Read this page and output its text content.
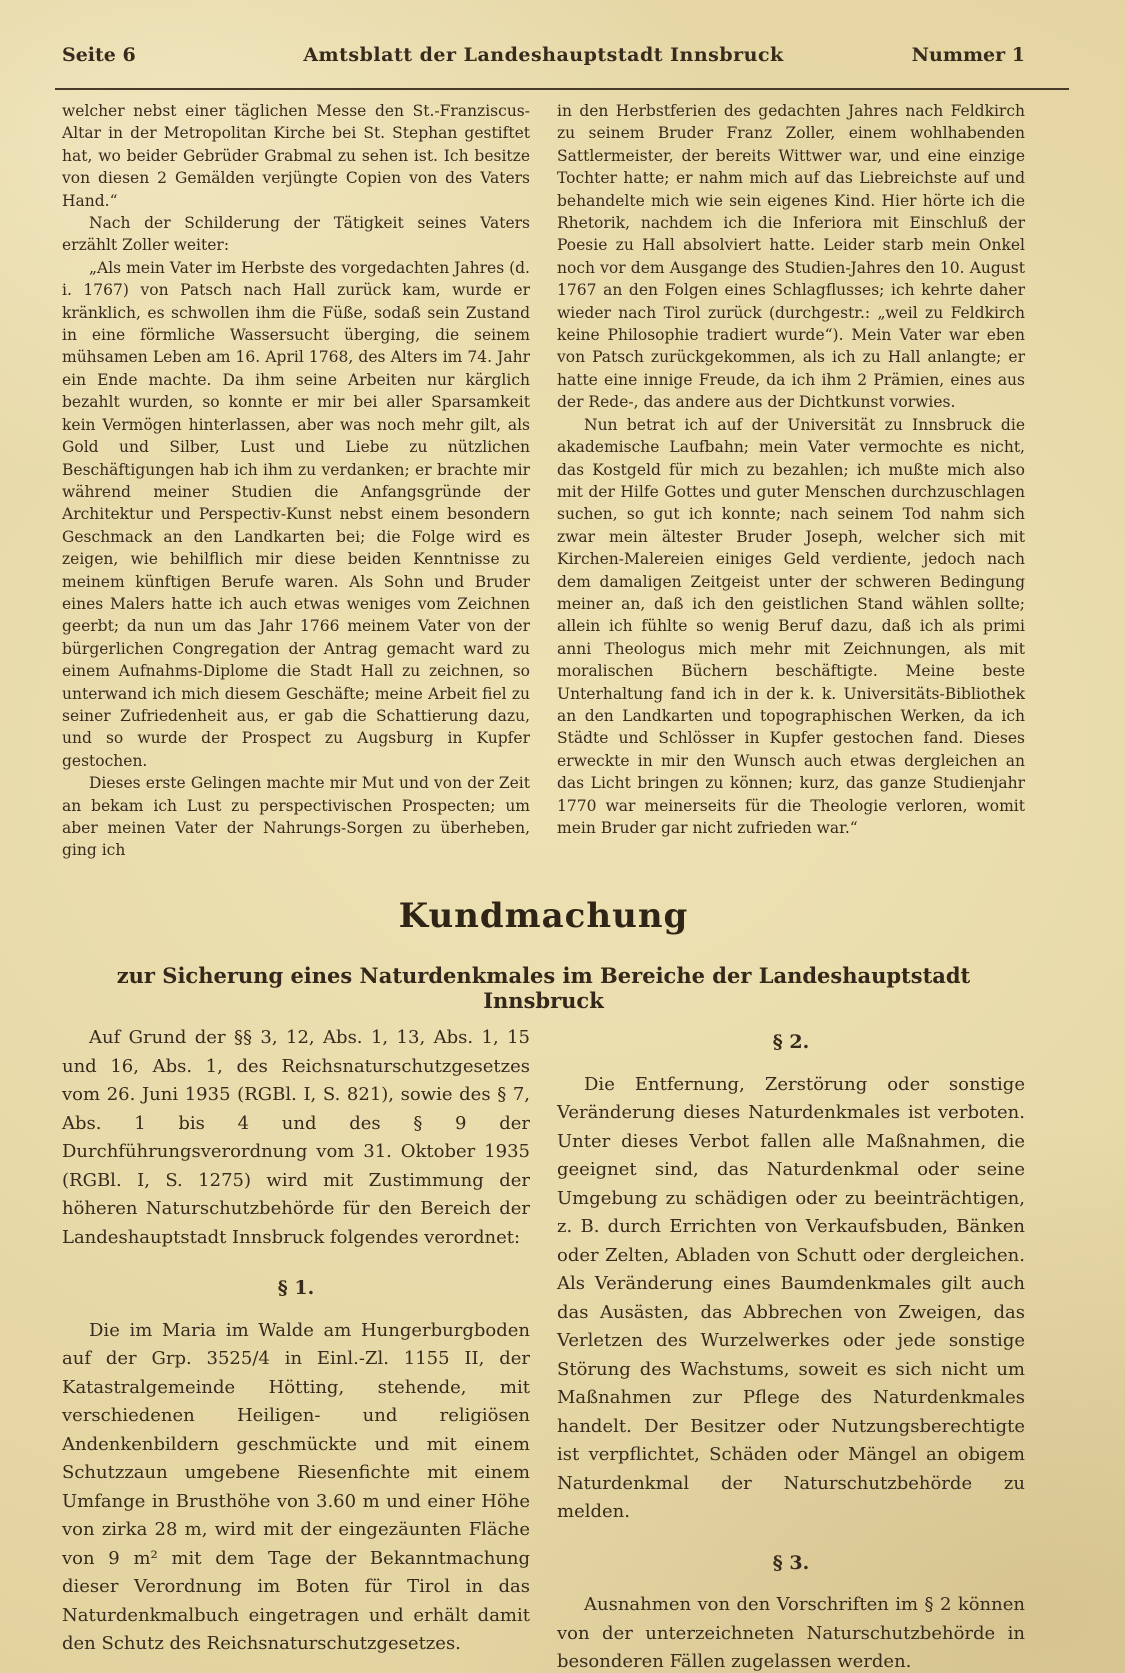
Seite 6	Amtsblatt der Landeshauptstadt Innsbruck	Nummer 1

welcher nebst einer täglichen Messe den St.-Franziscus-Altar in der Metropolitan Kirche bei St. Stephan gestiftet hat, wo beider Gebrüder Grabmal zu sehen ist. Ich besitze von diesen 2 Gemälden verjüngte Copien von des Vaters Hand.“

Nach der Schilderung der Tätigkeit seines Vaters erzählt Zoller weiter:

„Als mein Vater im Herbste des vorgedachten Jahres (d. i. 1767) von Patsch nach Hall zurück kam, wurde er kränklich, es schwollen ihm die Füße, sodaß sein Zustand in eine förmliche Wassersucht überging, die seinem mühsamen Leben am 16. April 1768, des Alters im 74. Jahr ein Ende machte. Da ihm seine Arbeiten nur kärglich bezahlt wurden, so konnte er mir bei aller Sparsamkeit kein Vermögen hinterlassen, aber was noch mehr gilt, als Gold und Silber, Lust und Liebe zu nützlichen Beschäftigungen hab ich ihm zu verdanken; er brachte mir während meiner Studien die Anfangsgründe der Architektur und Perspectiv-Kunst nebst einem besondern Geschmack an den Landkarten bei; die Folge wird es zeigen, wie behilflich mir diese beiden Kenntnisse zu meinem künftigen Berufe waren. Als Sohn und Bruder eines Malers hatte ich auch etwas weniges vom Zeichnen geerbt; da nun um das Jahr 1766 meinem Vater von der bürgerlichen Congregation der Antrag gemacht ward zu einem Aufnahms-Diplome die Stadt Hall zu zeichnen, so unterwand ich mich diesem Geschäfte; meine Arbeit fiel zu seiner Zufriedenheit aus, er gab die Schattierung dazu, und so wurde der Prospect zu Augsburg in Kupfer gestochen.

Dieses erste Gelingen machte mir Mut und von der Zeit an bekam ich Lust zu perspectivischen Prospecten; um aber meinen Vater der Nahrungs-Sorgen zu überheben, ging ich

in den Herbstferien des gedachten Jahres nach Feldkirch zu seinem Bruder Franz Zoller, einem wohlhabenden Sattlermeister, der bereits Wittwer war, und eine einzige Tochter hatte; er nahm mich auf das Liebreichste auf und behandelte mich wie sein eigenes Kind. Hier hörte ich die Rhetorik, nachdem ich die Inferiora mit Einschluß der Poesie zu Hall absolviert hatte. Leider starb mein Onkel noch vor dem Ausgange des Studien-Jahres den 10. August 1767 an den Folgen eines Schlagflusses; ich kehrte daher wieder nach Tirol zurück (durchgestr.: „weil zu Feldkirch keine Philosophie tradiert wurde“). Mein Vater war eben von Patsch zurückgekommen, als ich zu Hall anlangte; er hatte eine innige Freude, da ich ihm 2 Prämien, eines aus der Rede-, das andere aus der Dichtkunst vorwies.

Nun betrat ich auf der Universität zu Innsbruck die akademische Laufbahn; mein Vater vermochte es nicht, das Kostgeld für mich zu bezahlen; ich mußte mich also mit der Hilfe Gottes und guter Menschen durchzuschlagen suchen, so gut ich konnte; nach seinem Tod nahm sich zwar mein ältester Bruder Joseph, welcher sich mit Kirchen-Malereien einiges Geld verdiente, jedoch nach dem damaligen Zeitgeist unter der schweren Bedingung meiner an, daß ich den geistlichen Stand wählen sollte; allein ich fühlte so wenig Beruf dazu, daß ich als primi anni Theologus mich mehr mit Zeichnungen, als mit moralischen Büchern beschäftigte. Meine beste Unterhaltung fand ich in der k. k. Universitäts-Bibliothek an den Landkarten und topographischen Werken, da ich Städte und Schlösser in Kupfer gestochen fand. Dieses erweckte in mir den Wunsch auch etwas dergleichen an das Licht bringen zu können; kurz, das ganze Studienjahr 1770 war meinerseits für die Theologie verloren, womit mein Bruder gar nicht zufrieden war.“

Kundmachung
zur Sicherung eines Naturdenkmales im Bereiche der Landeshauptstadt Innsbruck

Auf Grund der §§ 3, 12, Abs. 1, 13, Abs. 1, 15 und 16, Abs. 1, des Reichsnaturschutzgesetzes vom 26. Juni 1935 (RGBl. I, S. 821), sowie des § 7, Abs. 1 bis 4 und des § 9 der Durchführungsverordnung vom 31. Oktober 1935 (RGBl. I, S. 1275) wird mit Zustimmung der höheren Naturschutzbehörde für den Bereich der Landeshauptstadt Innsbruck folgendes verordnet:

§ 1.

Die im Maria im Walde am Hungerburgboden auf der Grp. 3525/4 in Einl.-Zl. 1155 II, der Katastralgemeinde Hötting, stehende, mit verschiedenen Heiligen- und religiösen Andenkenbildern geschmückte und mit einem Schutzzaun umgebene Riesenfichte mit einem Umfange in Brusthöhe von 3.60 m und einer Höhe von zirka 28 m, wird mit der eingezäunten Fläche von 9 m² mit dem Tage der Bekanntmachung dieser Verordnung im Boten für Tirol in das Naturdenkmalbuch eingetragen und erhält damit den Schutz des Reichsnaturschutzgesetzes.

§ 2.

Die Entfernung, Zerstörung oder sonstige Veränderung dieses Naturdenkmales ist verboten. Unter dieses Verbot fallen alle Maßnahmen, die geeignet sind, das Naturdenkmal oder seine Umgebung zu schädigen oder zu beeinträchtigen, z. B. durch Errichten von Verkaufsbuden, Bänken oder Zelten, Abladen von Schutt oder dergleichen. Als Veränderung eines Baumdenkmales gilt auch das Ausästen, das Abbrechen von Zweigen, das Verletzen des Wurzelwerkes oder jede sonstige Störung des Wachstums, soweit es sich nicht um Maßnahmen zur Pflege des Naturdenkmales handelt. Der Besitzer oder Nutzungsberechtigte ist verpflichtet, Schäden oder Mängel an obigem Naturdenkmal der Naturschutzbehörde zu melden.

§ 3.

Ausnahmen von den Vorschriften im § 2 können von der unterzeichneten Naturschutzbehörde in besonderen Fällen zugelassen werden.
